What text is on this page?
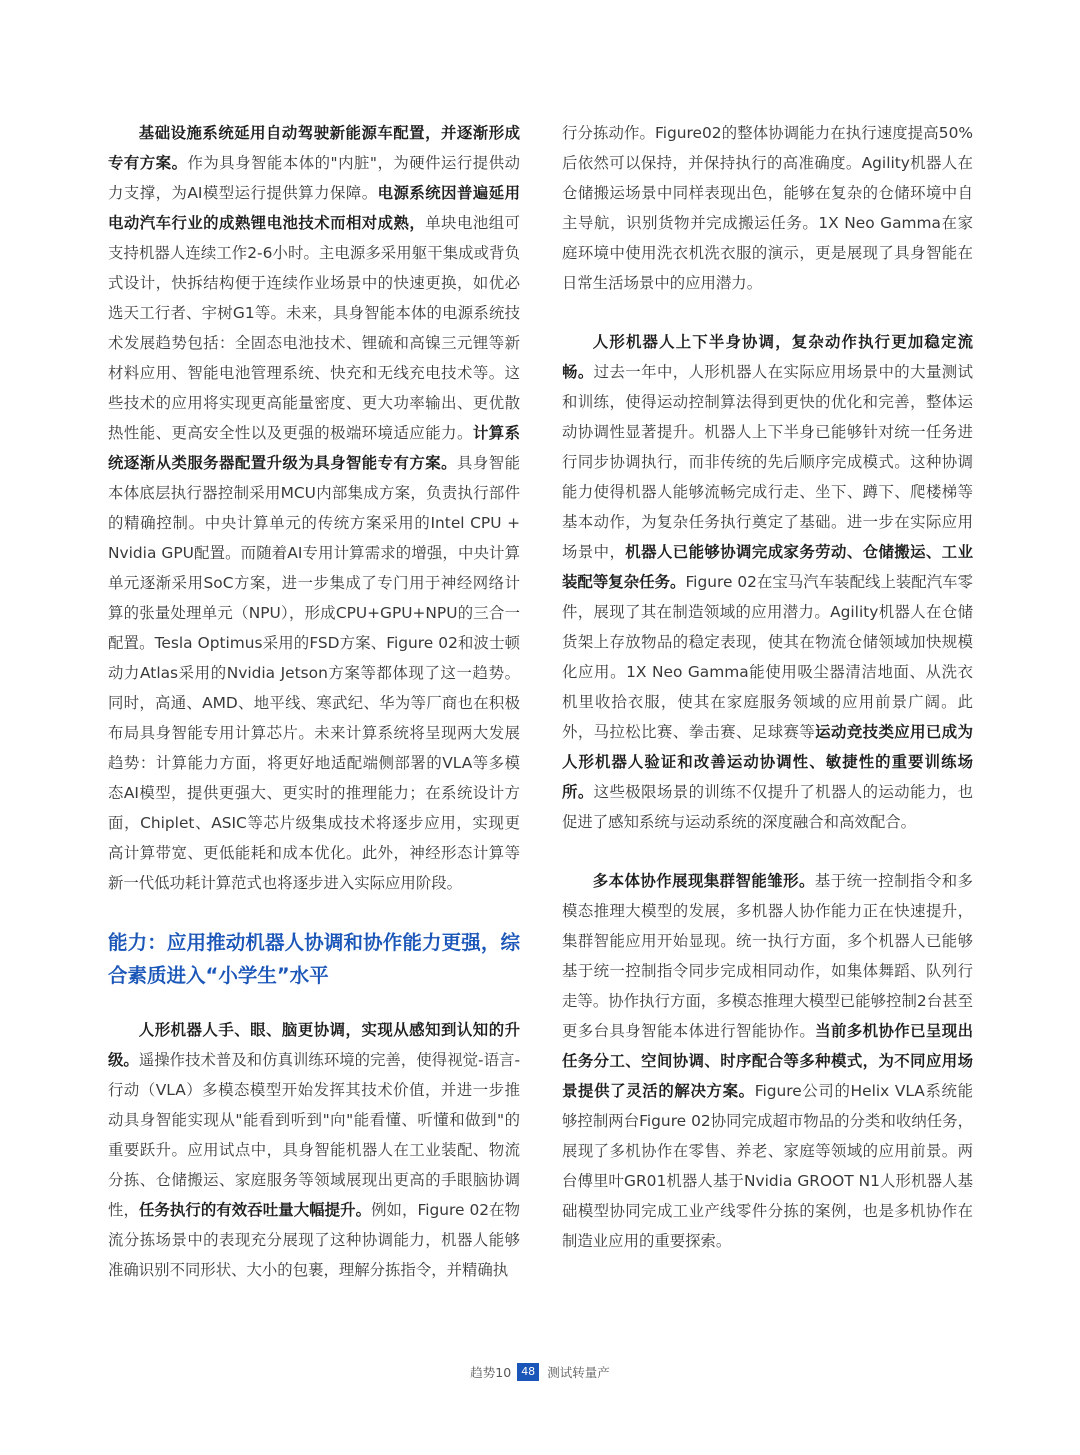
基础设施系统延用自动驾驶新能源车配置，并逐渐形成专有方案。作为具身智能本体的"内脏"，为硬件运行提供动力支撑，为AI模型运行提供算力保障。电源系统因普遍延用电动汽车行业的成熟锂电池技术而相对成熟，单块电池组可支持机器人连续工作2-6小时。主电源多采用躯干集成或背负式设计，快拆结构便于连续作业场景中的快速更换，如优必选天工行者、宇树G1等。未来，具身智能本体的电源系统技术发展趋势包括：全固态电池技术、锂硫和高镍三元锂等新材料应用、智能电池管理系统、快充和无线充电技术等。这些技术的应用将实现更高能量密度、更大功率输出、更优散热性能、更高安全性以及更强的极端环境适应能力。计算系统逐渐从类服务器配置升级为具身智能专有方案。具身智能本体底层执行器控制采用MCU内部集成方案，负责执行部件的精确控制。中央计算单元的传统方案采用的Intel CPU + Nvidia GPU配置。而随着AI专用计算需求的增强，中央计算单元逐渐采用SoC方案，进一步集成了专门用于神经网络计算的张量处理单元（NPU），形成CPU+GPU+NPU的三合一配置。Tesla Optimus采用的FSD方案、Figure 02和波士顿动力Atlas采用的Nvidia Jetson方案等都体现了这一趋势。同时，高通、AMD、地平线、寒武纪、华为等厂商也在积极布局具身智能专用计算芯片。未来计算系统将呈现两大发展趋势：计算能力方面，将更好地适配端侧部署的VLA等多模态AI模型，提供更强大、更实时的推理能力；在系统设计方面，Chiplet、ASIC等芯片级集成技术将逐步应用，实现更高计算带宽、更低能耗和成本优化。此外，神经形态计算等新一代低功耗计算范式也将逐步进入实际应用阶段。

能力：应用推动机器人协调和协作能力更强，综合素质进入“小学生”水平

人形机器人手、眼、脑更协调，实现从感知到认知的升级。遥操作技术普及和仿真训练环境的完善，使得视觉-语言-行动（VLA）多模态模型开始发挥其技术价值，并进一步推动具身智能实现从"能看到听到"向"能看懂、听懂和做到"的重要跃升。应用试点中，具身智能机器人在工业装配、物流分拣、仓储搬运、家庭服务等领域展现出更高的手眼脑协调性，任务执行的有效吞吐量大幅提升。例如，Figure 02在物流分拣场景中的表现充分展现了这种协调能力，机器人能够准确识别不同形状、大小的包裹，理解分拣指令，并精确执

行分拣动作。Figure02的整体协调能力在执行速度提高50%后依然可以保持，并保持执行的高准确度。Agility机器人在仓储搬运场景中同样表现出色，能够在复杂的仓储环境中自主导航，识别货物并完成搬运任务。1X Neo Gamma在家庭环境中使用洗衣机洗衣服的演示，更是展现了具身智能在日常生活场景中的应用潜力。

人形机器人上下半身协调，复杂动作执行更加稳定流畅。过去一年中，人形机器人在实际应用场景中的大量测试和训练，使得运动控制算法得到更快的优化和完善，整体运动协调性显著提升。机器人上下半身已能够针对统一任务进行同步协调执行，而非传统的先后顺序完成模式。这种协调能力使得机器人能够流畅完成行走、坐下、蹲下、爬楼梯等基本动作，为复杂任务执行奠定了基础。进一步在实际应用场景中，机器人已能够协调完成家务劳动、仓储搬运、工业装配等复杂任务。Figure 02在宝马汽车装配线上装配汽车零件，展现了其在制造领域的应用潜力。Agility机器人在仓储货架上存放物品的稳定表现，使其在物流仓储领域加快规模化应用。1X Neo Gamma能使用吸尘器清洁地面、从洗衣机里收拾衣服，使其在家庭服务领域的应用前景广阔。此外，马拉松比赛、拳击赛、足球赛等运动竞技类应用已成为人形机器人验证和改善运动协调性、敏捷性的重要训练场所。这些极限场景的训练不仅提升了机器人的运动能力，也促进了感知系统与运动系统的深度融合和高效配合。

多本体协作展现集群智能雏形。基于统一控制指令和多模态推理大模型的发展，多机器人协作能力正在快速提升，集群智能应用开始显现。统一执行方面，多个机器人已能够基于统一控制指令同步完成相同动作，如集体舞蹈、队列行走等。协作执行方面，多模态推理大模型已能够控制2台甚至更多台具身智能本体进行智能协作。当前多机协作已呈现出任务分工、空间协调、时序配合等多种模式，为不同应用场景提供了灵活的解决方案。Figure公司的Helix VLA系统能够控制两台Figure 02协同完成超市物品的分类和收纳任务，展现了多机协作在零售、养老、家庭等领域的应用前景。两台傅里叶GR01机器人基于Nvidia GROOT N1人形机器人基础模型协同完成工业产线零件分拣的案例，也是多机协作在制造业应用的重要探索。

趋势10 48 测试转量产
